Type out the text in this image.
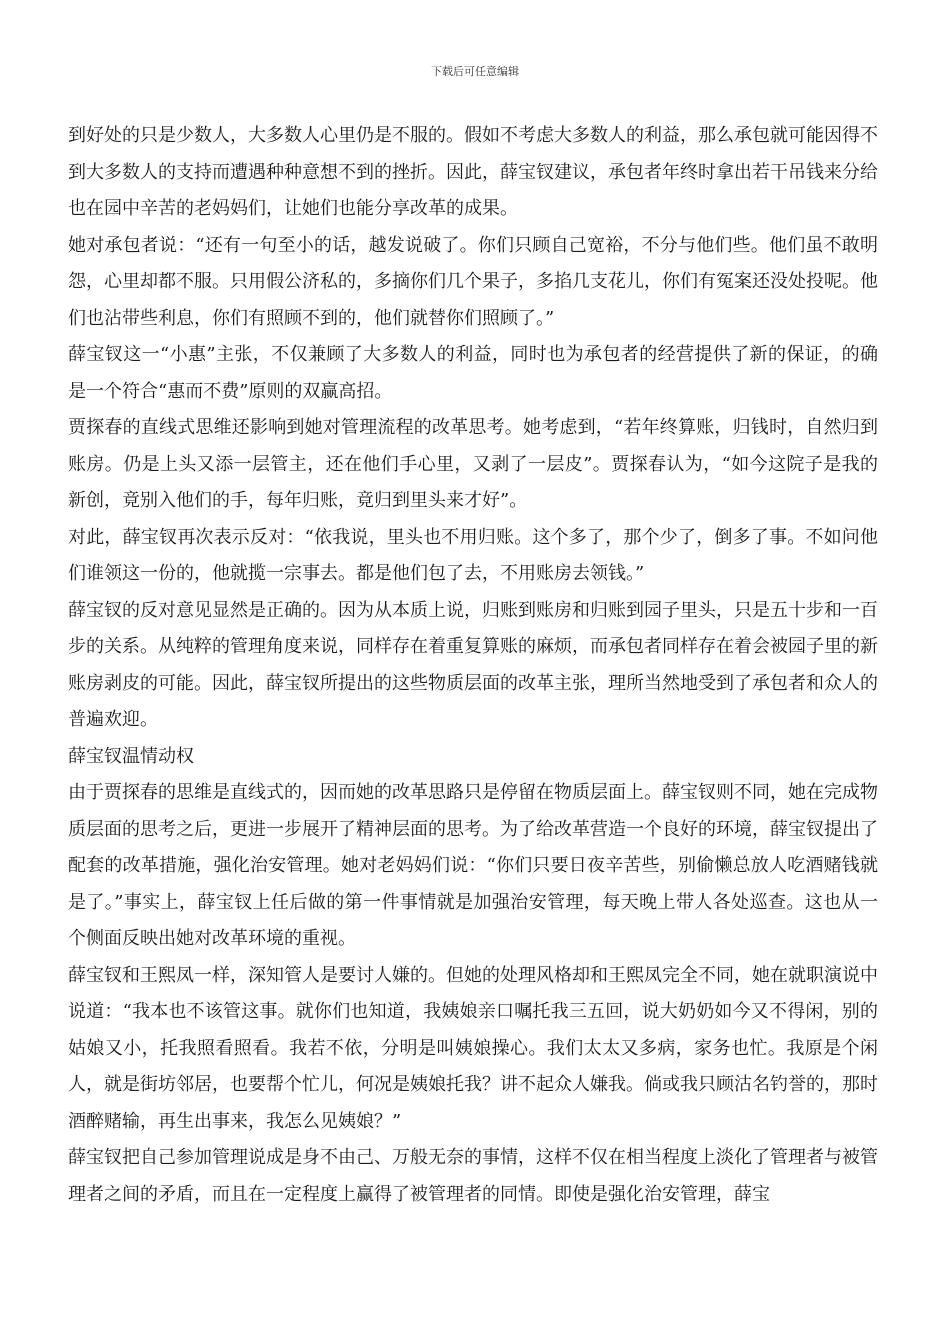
下载后可任意编辑

到好处的只是少数人，大多数人心里仍是不服的。假如不考虑大多数人的利益，那么承包就可能因得不到大多数人的支持而遭遇种种意想不到的挫折。因此，薛宝钗建议，承包者年终时拿出若干吊钱来分给也在园中辛苦的老妈妈们，让她们也能分享改革的成果。

她对承包者说：“还有一句至小的话，越发说破了。你们只顾自己宽裕，不分与他们些。他们虽不敢明怨，心里却都不服。只用假公济私的，多摘你们几个果子，多掐几支花儿，你们有冤案还没处投呢。他们也沾带些利息，你们有照顾不到的，他们就替你们照顾了。”

薛宝钗这一“小惠”主张，不仅兼顾了大多数人的利益，同时也为承包者的经营提供了新的保证，的确是一个符合“惠而不费”原则的双赢高招。

贾探春的直线式思维还影响到她对管理流程的改革思考。她考虑到，“若年终算账，归钱时，自然归到账房。仍是上头又添一层管主，还在他们手心里，又剥了一层皮”。贾探春认为，“如今这院子是我的新创，竟别入他们的手，每年归账，竟归到里头来才好”。

对此，薛宝钗再次表示反对：“依我说，里头也不用归账。这个多了，那个少了，倒多了事。不如问他们谁领这一份的，他就揽一宗事去。都是他们包了去，不用账房去领钱。”

薛宝钗的反对意见显然是正确的。因为从本质上说，归账到账房和归账到园子里头，只是五十步和一百步的关系。从纯粹的管理角度来说，同样存在着重复算账的麻烦，而承包者同样存在着会被园子里的新账房剥皮的可能。因此，薛宝钗所提出的这些物质层面的改革主张，理所当然地受到了承包者和众人的普遍欢迎。

薛宝钗温情动权

由于贾探春的思维是直线式的，因而她的改革思路只是停留在物质层面上。薛宝钗则不同，她在完成物质层面的思考之后，更进一步展开了精神层面的思考。为了给改革营造一个良好的环境，薛宝钗提出了配套的改革措施，强化治安管理。她对老妈妈们说：“你们只要日夜辛苦些，别偷懒总放人吃酒赌钱就是了。”事实上，薛宝钗上任后做的第一件事情就是加强治安管理，每天晚上带人各处巡查。这也从一个侧面反映出她对改革环境的重视。

薛宝钗和王熙凤一样，深知管人是要讨人嫌的。但她的处理风格却和王熙凤完全不同，她在就职演说中说道：“我本也不该管这事。就你们也知道，我姨娘亲口嘱托我三五回，说大奶奶如今又不得闲，别的姑娘又小，托我照看照看。我若不依，分明是叫姨娘操心。我们太太又多病，家务也忙。我原是个闲人，就是街坊邻居，也要帮个忙儿，何况是姨娘托我？讲不起众人嫌我。倘或我只顾沽名钓誉的，那时酒醉赌输，再生出事来，我怎么见姨娘？”

薛宝钗把自己参加管理说成是身不由己、万般无奈的事情，这样不仅在相当程度上淡化了管理者与被管理者之间的矛盾，而且在一定程度上赢得了被管理者的同情。即使是强化治安管理，薛宝
